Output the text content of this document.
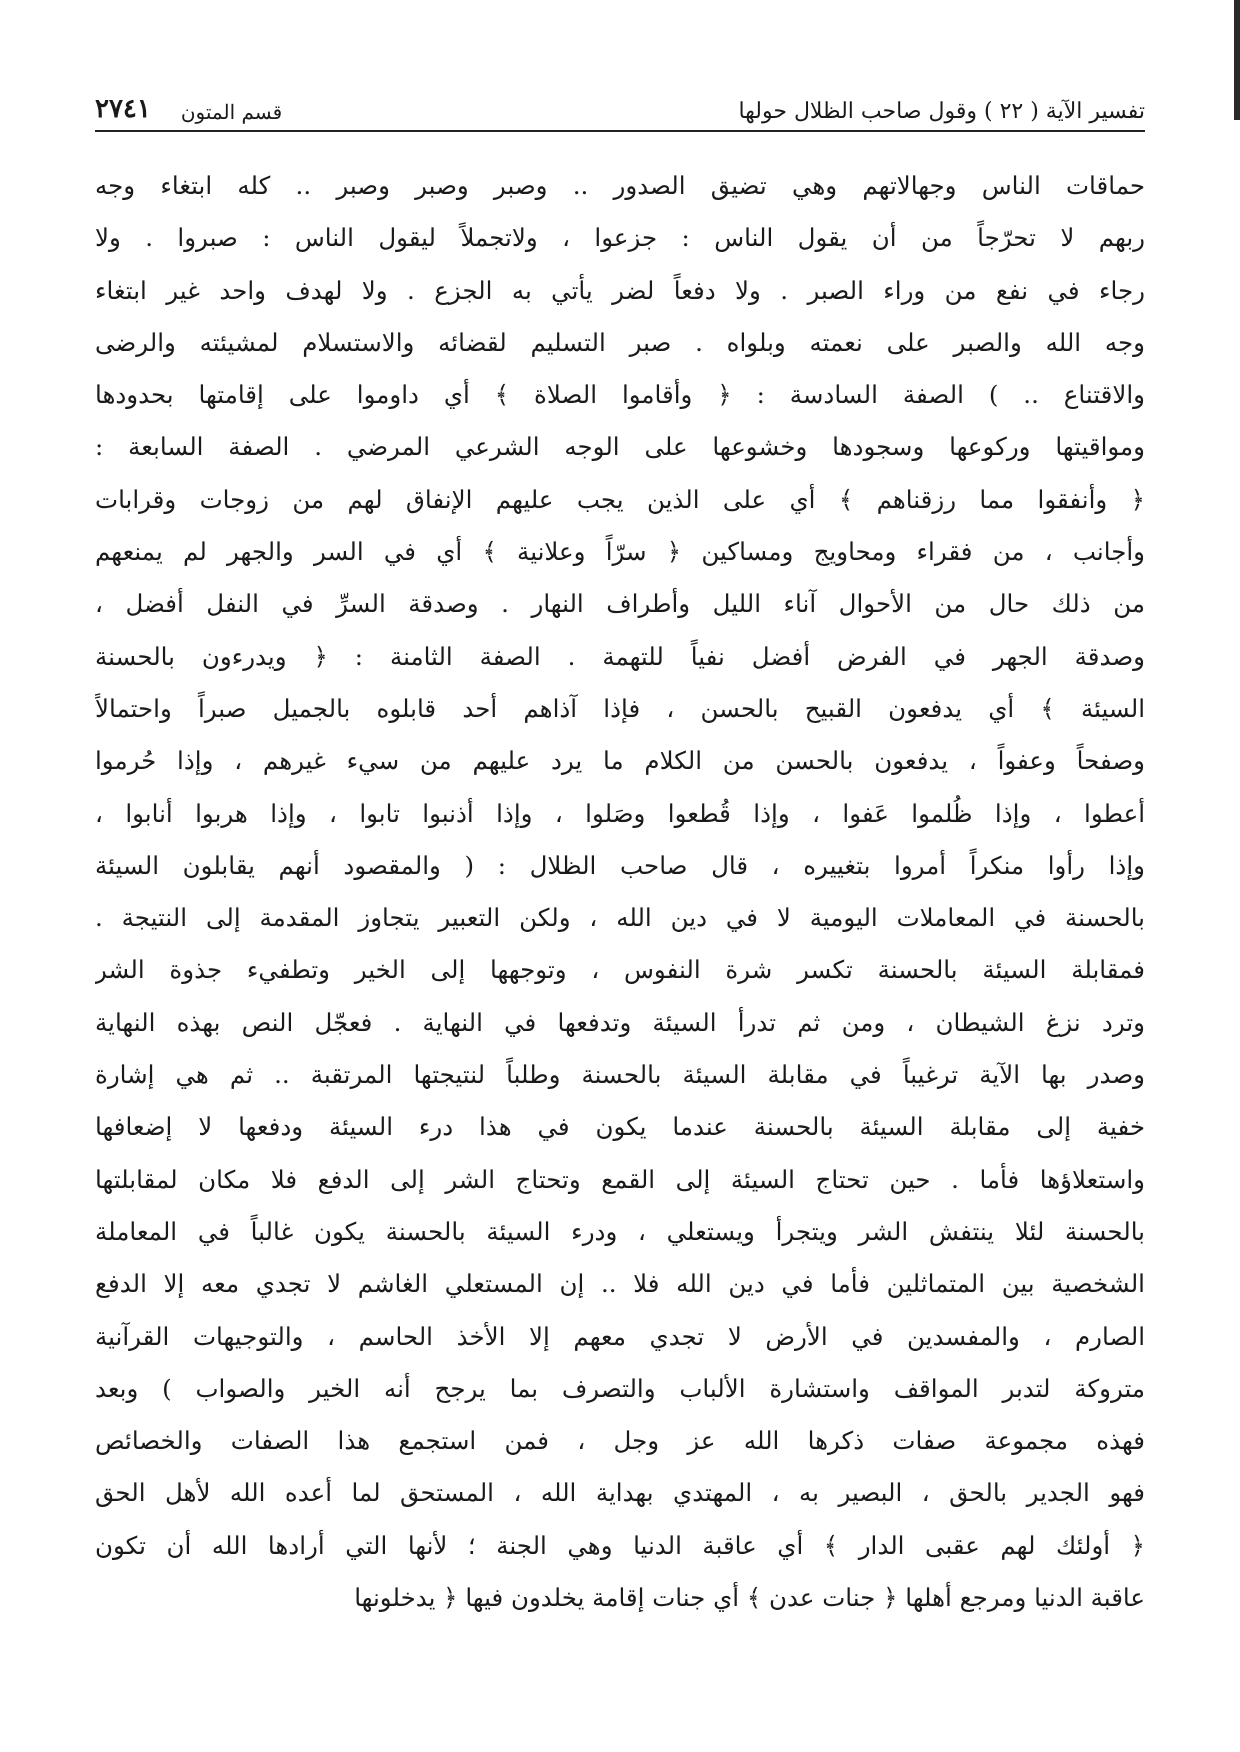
تفسير الآية ( ٢٢ ) وقول صاحب الظلال حولها
قسم المتون
٢٧٤١
حماقات الناس وجهالاتهم وهي تضيق الصدور .. وصبر وصبر وصبر .. كله ابتغاء وجه
ربهم لا تحرّجاً من أن يقول الناس : جزعوا ، ولاتجملاً ليقول الناس : صبروا . ولا
رجاء في نفع من وراء الصبر . ولا دفعاً لضر يأتي به الجزع . ولا لهدف واحد غير ابتغاء
وجه الله والصبر على نعمته وبلواه . صبر التسليم لقضائه والاستسلام لمشيئته والرضى
والاقتناع .. ) الصفة السادسة : ﴿ وأقاموا الصلاة ﴾ أي داوموا على إقامتها بحدودها
ومواقيتها وركوعها وسجودها وخشوعها على الوجه الشرعي المرضي . الصفة السابعة :
﴿ وأنفقوا مما رزقناهم ﴾ أي على الذين يجب عليهم الإنفاق لهم من زوجات وقرابات
وأجانب ، من فقراء ومحاويج ومساكين ﴿ سرّاً وعلانية ﴾ أي في السر والجهر لم يمنعهم
من ذلك حال من الأحوال آناء الليل وأطراف النهار . وصدقة السرِّ في النفل أفضل ،
وصدقة الجهر في الفرض أفضل نفياً للتهمة . الصفة الثامنة : ﴿ ويدرءون بالحسنة
السيئة ﴾ أي يدفعون القبيح بالحسن ، فإذا آذاهم أحد قابلوه بالجميل صبراً واحتمالاً
وصفحاً وعفواً ، يدفعون بالحسن من الكلام ما يرد عليهم من سيء غيرهم ، وإذا حُرموا
أعطوا ، وإذا ظُلموا عَفوا ، وإذا قُطعوا وصَلوا ، وإذا أذنبوا تابوا ، وإذا هربوا أنابوا ،
وإذا رأوا منكراً أمروا بتغييره ، قال صاحب الظلال : ( والمقصود أنهم يقابلون السيئة
بالحسنة في المعاملات اليومية لا في دين الله ، ولكن التعبير يتجاوز المقدمة إلى النتيجة .
فمقابلة السيئة بالحسنة تكسر شرة النفوس ، وتوجهها إلى الخير وتطفيء جذوة الشر
وترد نزغ الشيطان ، ومن ثم تدرأ السيئة وتدفعها في النهاية . فعجّل النص بهذه النهاية
وصدر بها الآية ترغيباً في مقابلة السيئة بالحسنة وطلباً لنتيجتها المرتقبة .. ثم هي إشارة
خفية إلى مقابلة السيئة بالحسنة عندما يكون في هذا درء السيئة ودفعها لا إضعافها
واستعلاؤها فأما . حين تحتاج السيئة إلى القمع وتحتاج الشر إلى الدفع فلا مكان لمقابلتها
بالحسنة لئلا ينتفش الشر ويتجرأ ويستعلي ، ودرء السيئة بالحسنة يكون غالباً في المعاملة
الشخصية بين المتماثلين فأما في دين الله فلا .. إن المستعلي الغاشم لا تجدي معه إلا الدفع
الصارم ، والمفسدين في الأرض لا تجدي معهم إلا الأخذ الحاسم ، والتوجيهات القرآنية
متروكة لتدبر المواقف واستشارة الألباب والتصرف بما يرجح أنه الخير والصواب ) وبعد
فهذه مجموعة صفات ذكرها الله عز وجل ، فمن استجمع هذا الصفات والخصائص
فهو الجدير بالحق ، البصير به ، المهتدي بهداية الله ، المستحق لما أعده الله لأهل الحق
﴿ أولئك لهم عقبى الدار ﴾ أي عاقبة الدنيا وهي الجنة ؛ لأنها التي أرادها الله أن تكون
عاقبة الدنيا ومرجع أهلها ﴿ جنات عدن ﴾ أي جنات إقامة يخلدون فيها ﴿ يدخلونها
